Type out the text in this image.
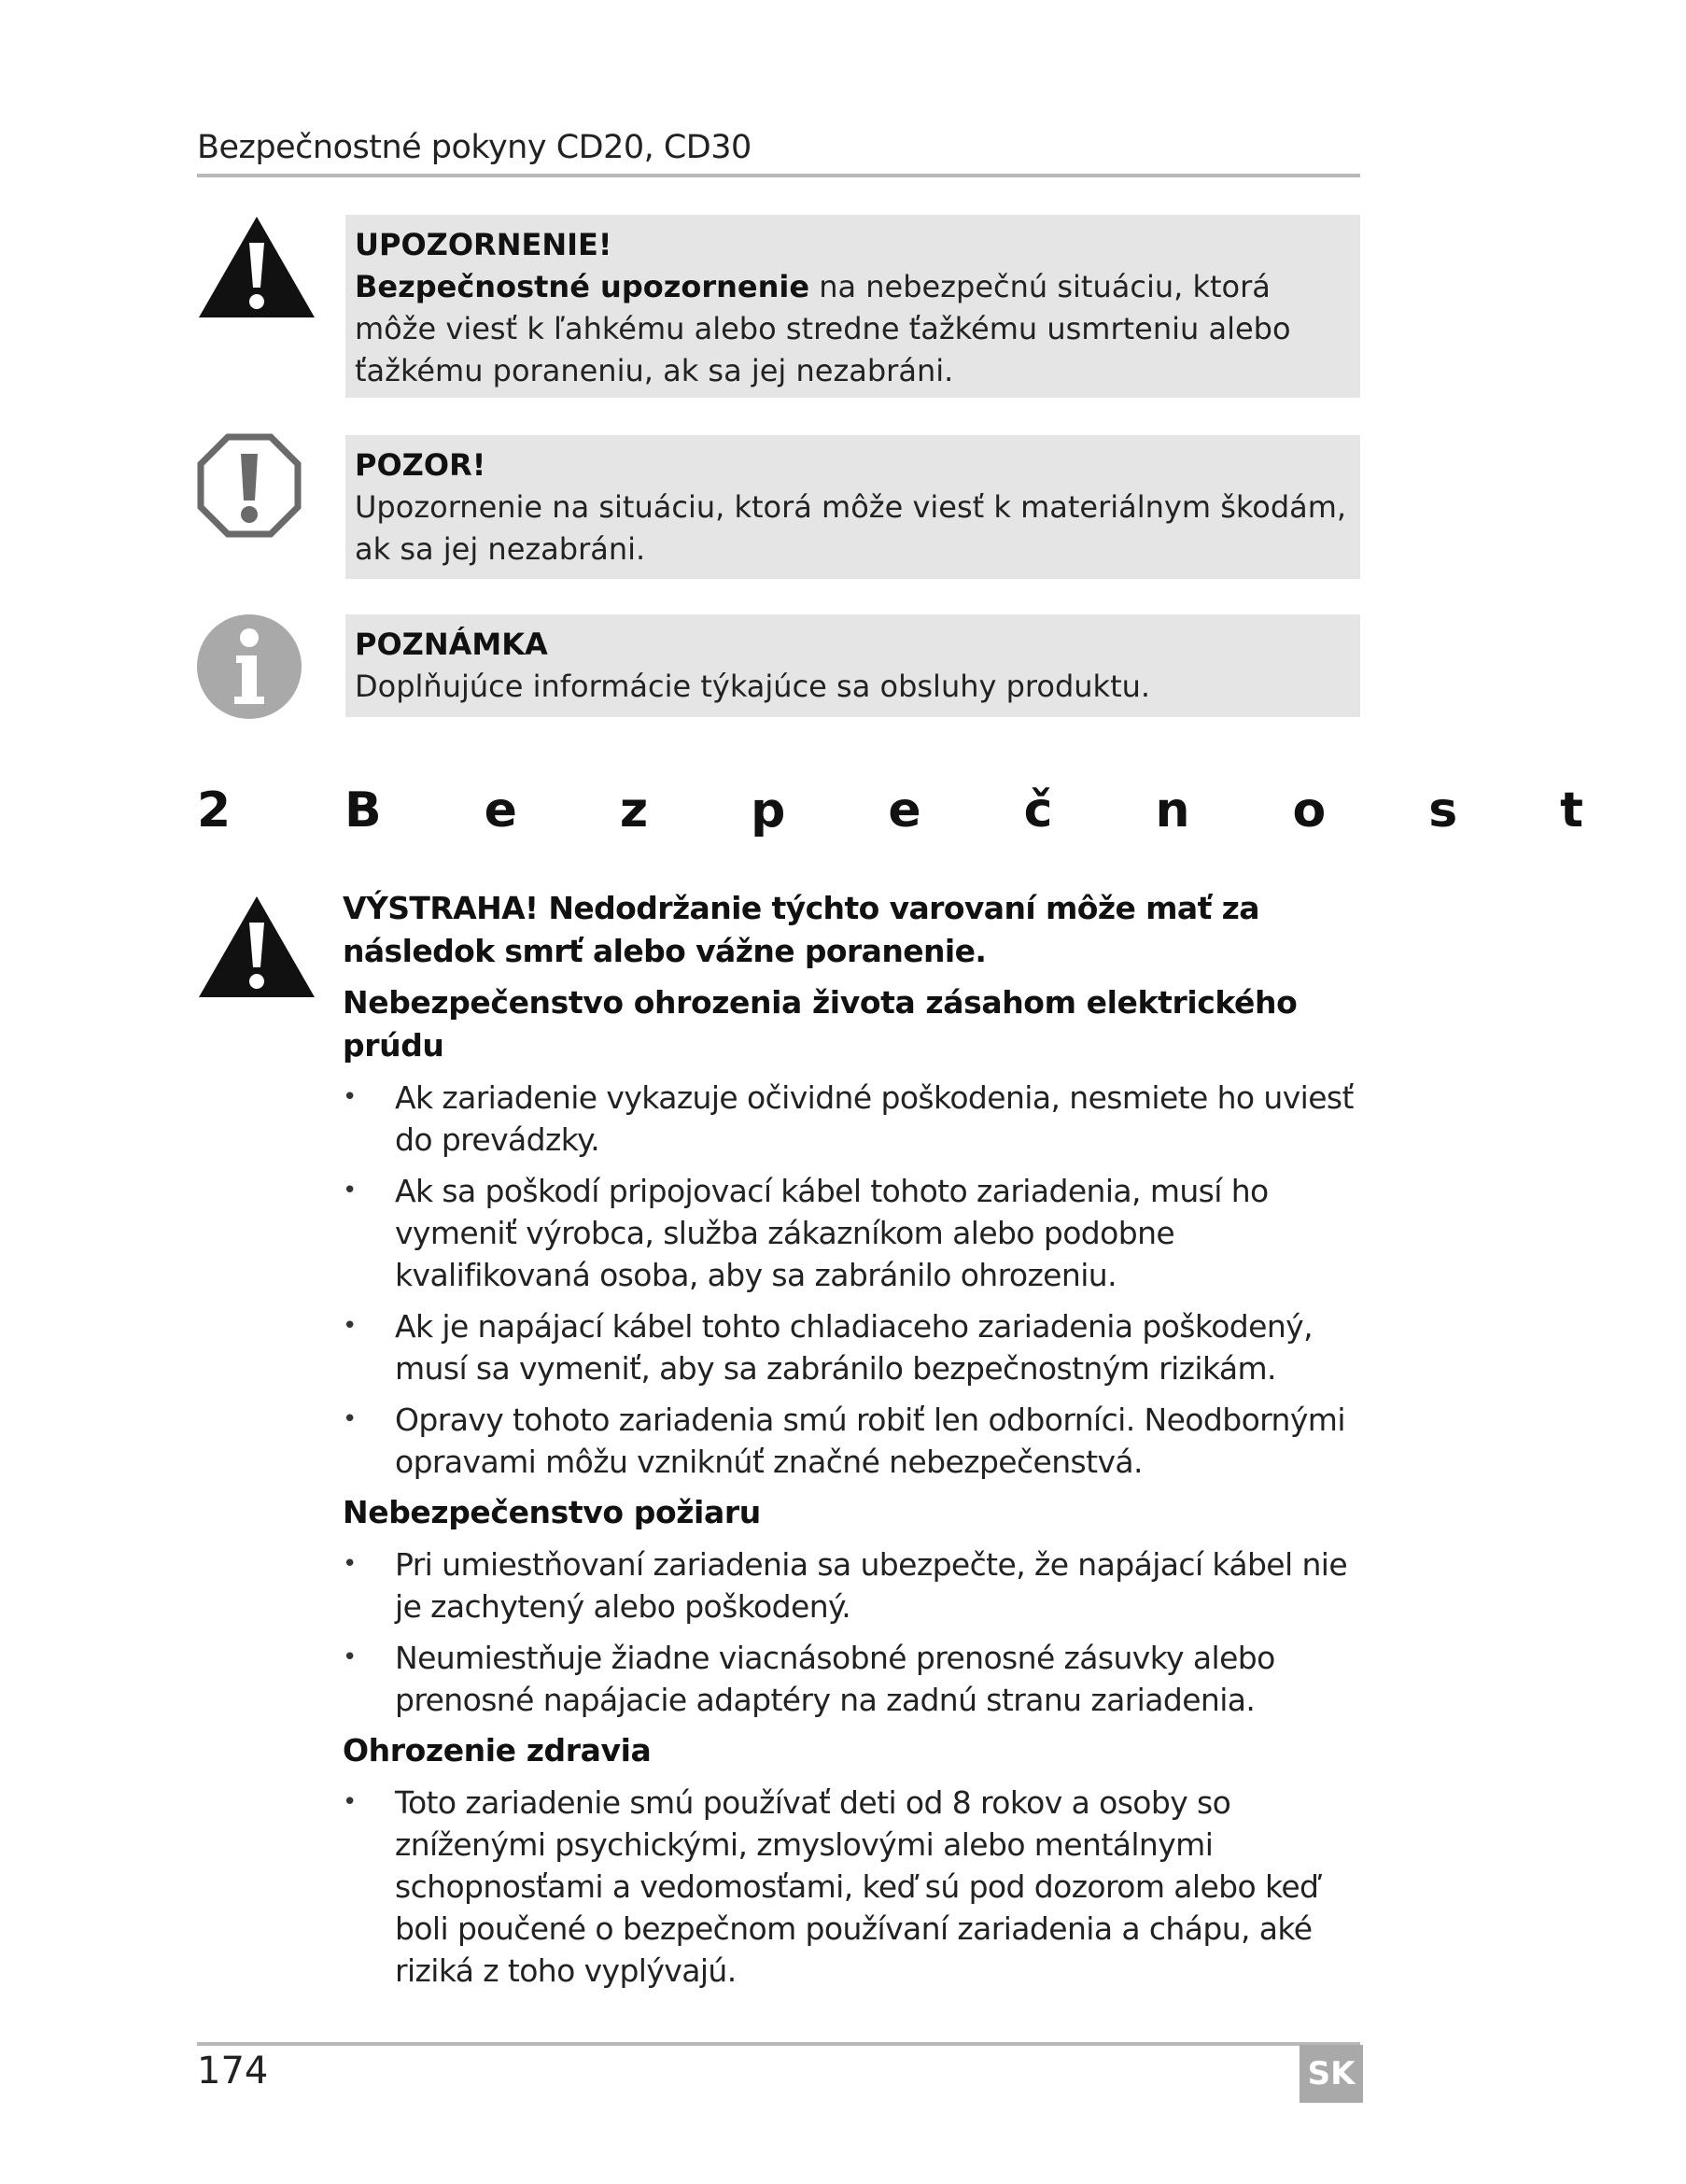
Bezpečnostné pokyny CD20, CD30
UPOZORNENIE!
Bezpečnostné upozornenie na nebezpečnú situáciu, ktorá môže viesť k ľahkému alebo stredne ťažkému usmrteniu alebo ťažkému poraneniu, ak sa jej nezabráni.
POZOR!
Upozornenie na situáciu, ktorá môže viesť k materiálnym škodám, ak sa jej nezabráni.
POZNÁMKA
Doplňujúce informácie týkajúce sa obsluhy produktu.
2 Bezpečnost
VÝSTRAHA! Nedodržanie týchto varovaní môže mať za následok smrť alebo vážne poranenie.
Nebezpečenstvo ohrozenia života zásahom elektrického prúdu
• Ak zariadenie vykazuje očividné poškodenia, nesmiete ho uviesť do prevádzky.
• Ak sa poškodí pripojovací kábel tohoto zariadenia, musí ho vymeniť výrobca, služba zákazníkom alebo podobne kvalifikovaná osoba, aby sa zabránilo ohrozeniu.
• Ak je napájací kábel tohto chladiaceho zariadenia poškodený, musí sa vymeniť, aby sa zabránilo bezpečnostným rizikám.
• Opravy tohoto zariadenia smú robiť len odborníci. Neodbornými opravami môžu vzniknúť značné nebezpečenstvá.
Nebezpečenstvo požiaru
• Pri umiestňovaní zariadenia sa ubezpečte, že napájací kábel nie je zachytený alebo poškodený.
• Neumiestňuje žiadne viacnásobné prenosné zásuvky alebo prenosné napájacie adaptéry na zadnú stranu zariadenia.
Ohrozenie zdravia
• Toto zariadenie smú používať deti od 8 rokov a osoby so zníženými psychickými, zmyslovými alebo mentálnymi schopnosťami a vedomosťami, keď sú pod dozorom alebo keď boli poučené o bezpečnom používaní zariadenia a chápu, aké riziká z toho vyplývajú.
174	SK
